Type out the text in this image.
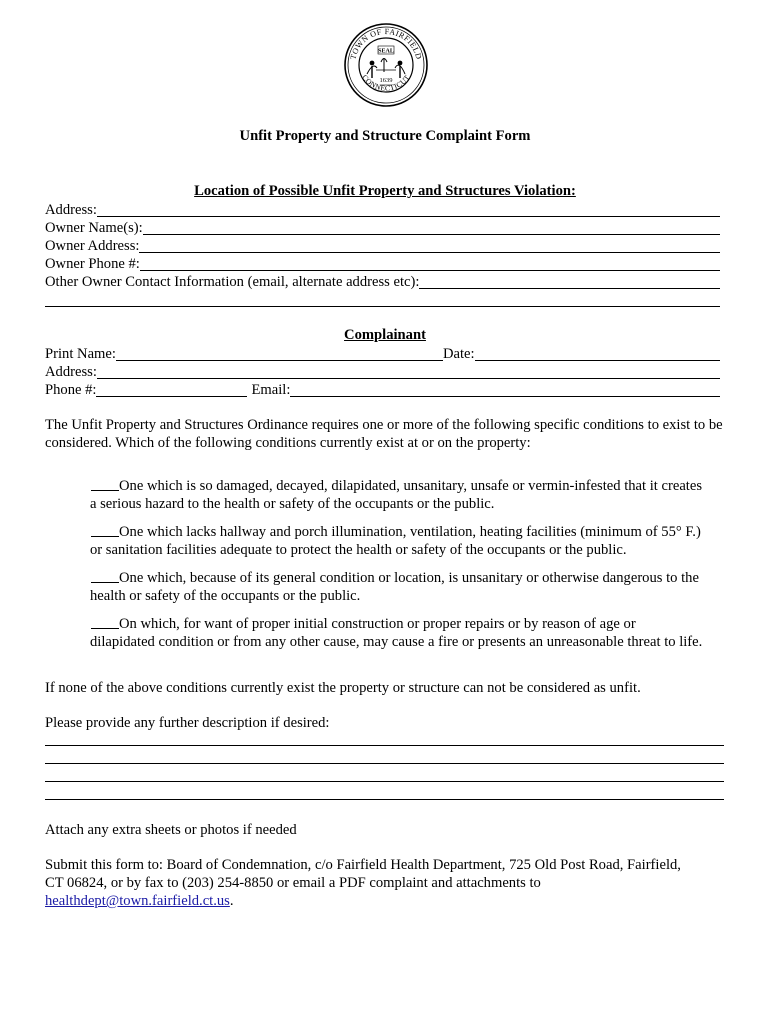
TOWN OF FAIRFIELD
CONNECTICUT
SEAL
1639
Unfit Property and Structure Complaint Form
Location of Possible Unfit Property and Structures Violation:
Address:
Owner Name(s):
Owner Address:
Owner Phone #:
Other Owner Contact Information (email, alternate address etc):
Complainant
Print Name:	Date:
Address:
Phone #:	Email:
The Unfit Property and Structures Ordinance requires one or more of the following specific conditions to exist to be considered. Which of the following conditions currently exist at or on the property:
One which is so damaged, decayed, dilapidated, unsanitary, unsafe or vermin-infested that it creates
a serious hazard to the health or safety of the occupants or the public.
One which lacks hallway and porch illumination, ventilation, heating facilities (minimum of 55° F.)
or sanitation facilities adequate to protect the health or safety of the occupants or the public.
One which, because of its general condition or location, is unsanitary or otherwise dangerous to the
health or safety of the occupants or the public.
On which, for want of proper initial construction or proper repairs or by reason of age or
dilapidated condition or from any other cause, may cause a fire or presents an unreasonable threat to life.
If none of the above conditions currently exist the property or structure can not be considered as unfit.
Please provide any further description if desired:
Attach any extra sheets or photos if needed
Submit this form to: Board of Condemnation, c/o Fairfield Health Department, 725 Old Post Road, Fairfield,
CT 06824, or by fax to (203) 254-8850 or email a PDF complaint and attachments to
healthdept@town.fairfield.ct.us.
